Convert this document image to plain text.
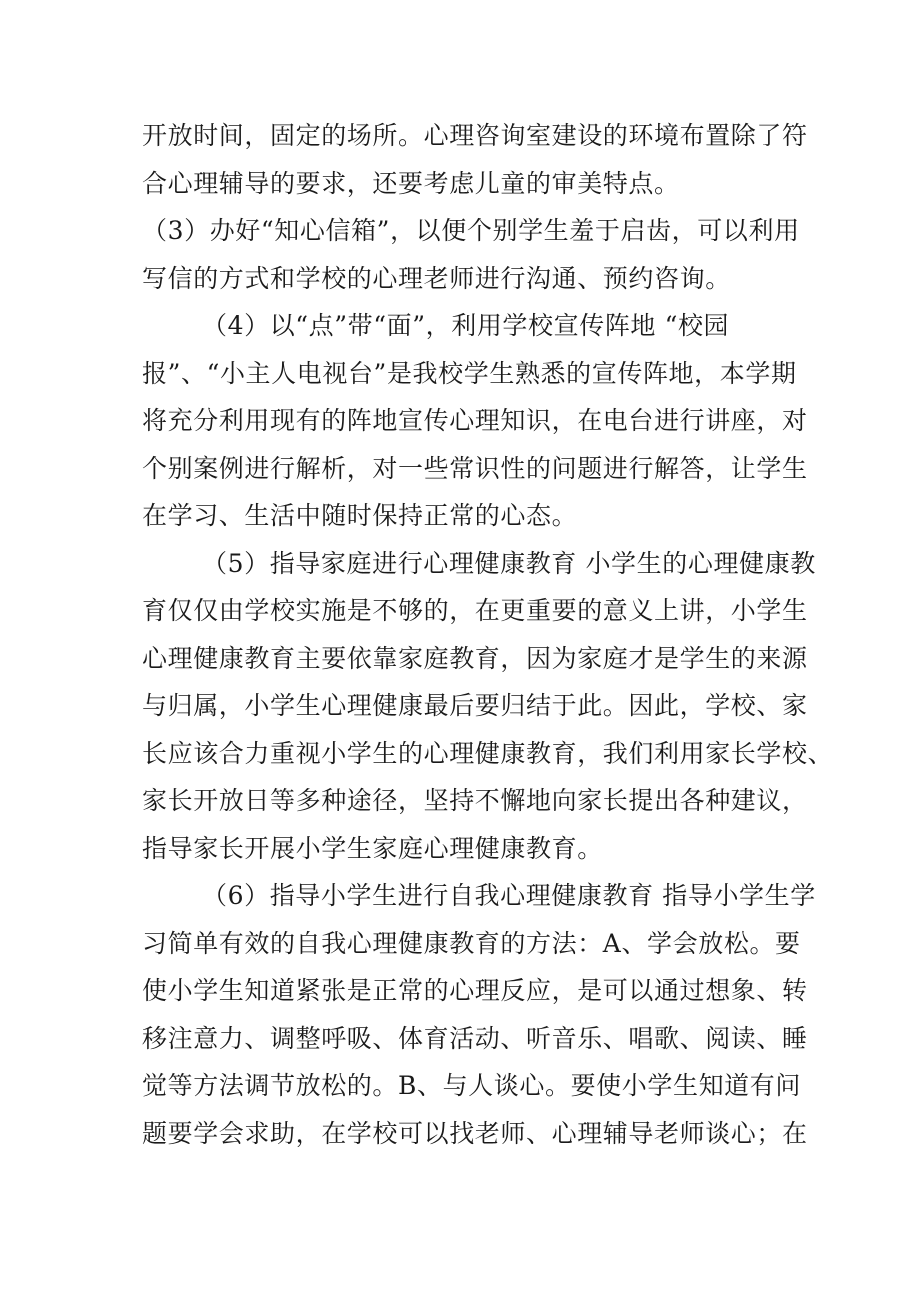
开放时间，固定的场所。心理咨询室建设的环境布置除了符
合心理辅导的要求，还要考虑儿童的审美特点。
（3）办好“知心信箱”，以便个别学生羞于启齿，可以利用
写信的方式和学校的心理老师进行沟通、预约咨询。
（4）以“点”带“面”，利用学校宣传阵地 “校园
报”、“小主人电视台”是我校学生熟悉的宣传阵地，本学期
将充分利用现有的阵地宣传心理知识，在电台进行讲座，对
个别案例进行解析，对一些常识性的问题进行解答，让学生
在学习、生活中随时保持正常的心态。
（5）指导家庭进行心理健康教育 小学生的心理健康教
育仅仅由学校实施是不够的，在更重要的意义上讲，小学生
心理健康教育主要依靠家庭教育，因为家庭才是学生的来源
与归属，小学生心理健康最后要归结于此。因此，学校、家
长应该合力重视小学生的心理健康教育，我们利用家长学校、
家长开放日等多种途径，坚持不懈地向家长提出各种建议，
指导家长开展小学生家庭心理健康教育。
（6）指导小学生进行自我心理健康教育 指导小学生学
习简单有效的自我心理健康教育的方法：A、学会放松。要
使小学生知道紧张是正常的心理反应，是可以通过想象、转
移注意力、调整呼吸、体育活动、听音乐、唱歌、阅读、睡
觉等方法调节放松的。B、与人谈心。要使小学生知道有问
题要学会求助，在学校可以找老师、心理辅导老师谈心；在
